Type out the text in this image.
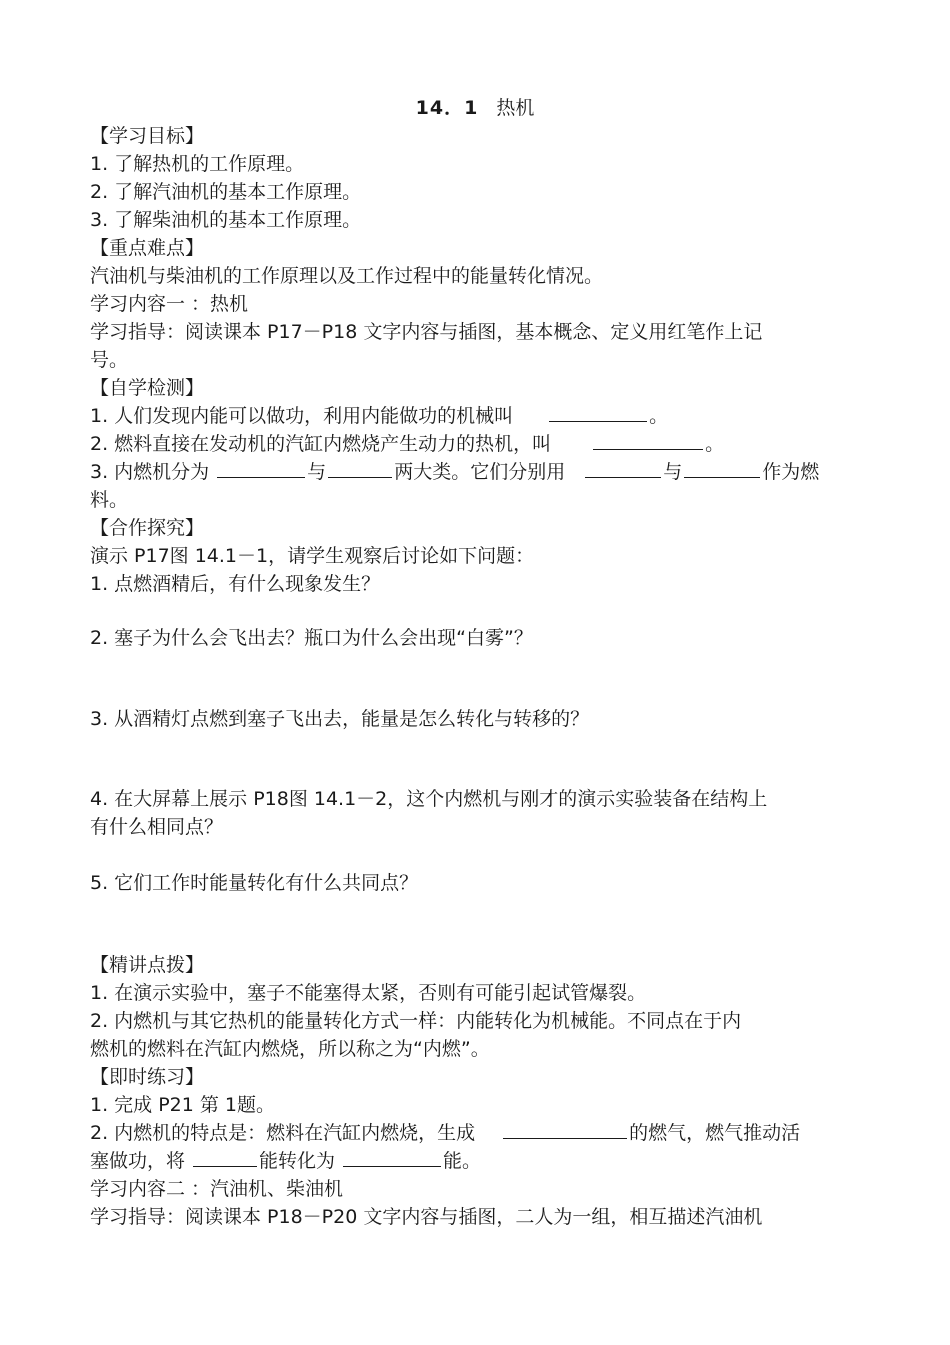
14．1 热机
【学习目标】
1. 了解热机的工作原理。
2. 了解汽油机的基本工作原理。
3. 了解柴油机的基本工作原理。
【重点难点】
汽油机与柴油机的工作原理以及工作过程中的能量转化情况。
学习内容一 ：热机
学习指导：阅读课本 P17－P18 文字内容与插图，基本概念、定义用红笔作上记
号。
【自学检测】
1. 人们发现内能可以做功，利用内能做功的机械叫	。
2. 燃料直接在发动机的汽缸内燃烧产生动力的热机，叫	。
3. 内燃机分为	与	两大类。它们分别用	与	作为燃
料。
【合作探究】
演示 P17图 14.1－1，请学生观察后讨论如下问题：
1. 点燃酒精后，有什么现象发生？
2. 塞子为什么会飞出去？瓶口为什么会出现“白雾”？
3. 从酒精灯点燃到塞子飞出去，能量是怎么转化与转移的？
4. 在大屏幕上展示 P18图 14.1－2，这个内燃机与刚才的演示实验装备在结构上
有什么相同点？
5. 它们工作时能量转化有什么共同点？
【精讲点拨】
1. 在演示实验中，塞子不能塞得太紧，否则有可能引起试管爆裂。
2. 内燃机与其它热机的能量转化方式一样：内能转化为机械能。不同点在于内
燃机的燃料在汽缸内燃烧，所以称之为“内燃”。
【即时练习】
1. 完成 P21 第 1题。
2. 内燃机的特点是：燃料在汽缸内燃烧，生成	的燃气，燃气推动活
塞做功，将	能转化为	能。
学习内容二 ：汽油机、柴油机
学习指导：阅读课本 P18－P20 文字内容与插图，二人为一组，相互描述汽油机
